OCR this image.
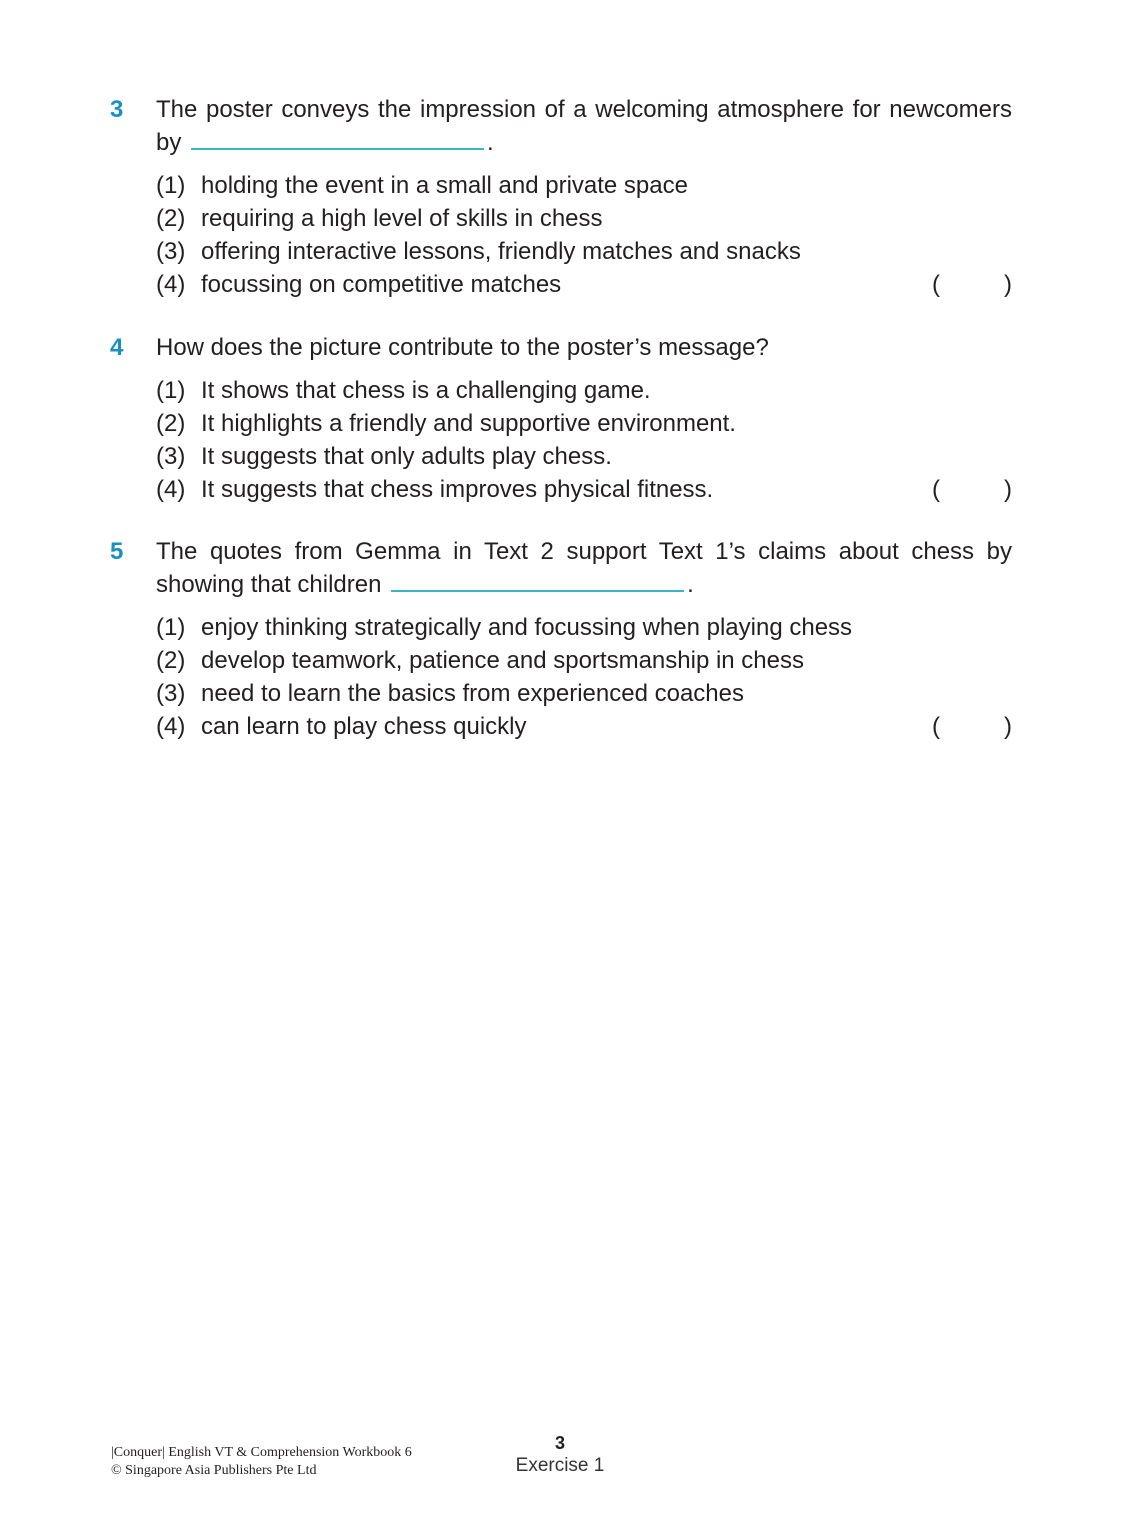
3 The poster conveys the impression of a welcoming atmosphere for newcomers by	.
(1) holding the event in a small and private space
(2) requiring a high level of skills in chess
(3) offering interactive lessons, friendly matches and snacks
(4) focussing on competitive matches	(	)
4 How does the picture contribute to the poster’s message?
(1) It shows that chess is a challenging game.
(2) It highlights a friendly and supportive environment.
(3) It suggests that only adults play chess.
(4) It suggests that chess improves physical fitness.	(	)
5 The quotes from Gemma in Text 2 support Text 1’s claims about chess by showing that children	.
(1) enjoy thinking strategically and focussing when playing chess
(2) develop teamwork, patience and sportsmanship in chess
(3) need to learn the basics from experienced coaches
(4) can learn to play chess quickly	(	)
|Conquer| English VT & Comprehension Workbook 6
© Singapore Asia Publishers Pte Ltd
3
Exercise 1
